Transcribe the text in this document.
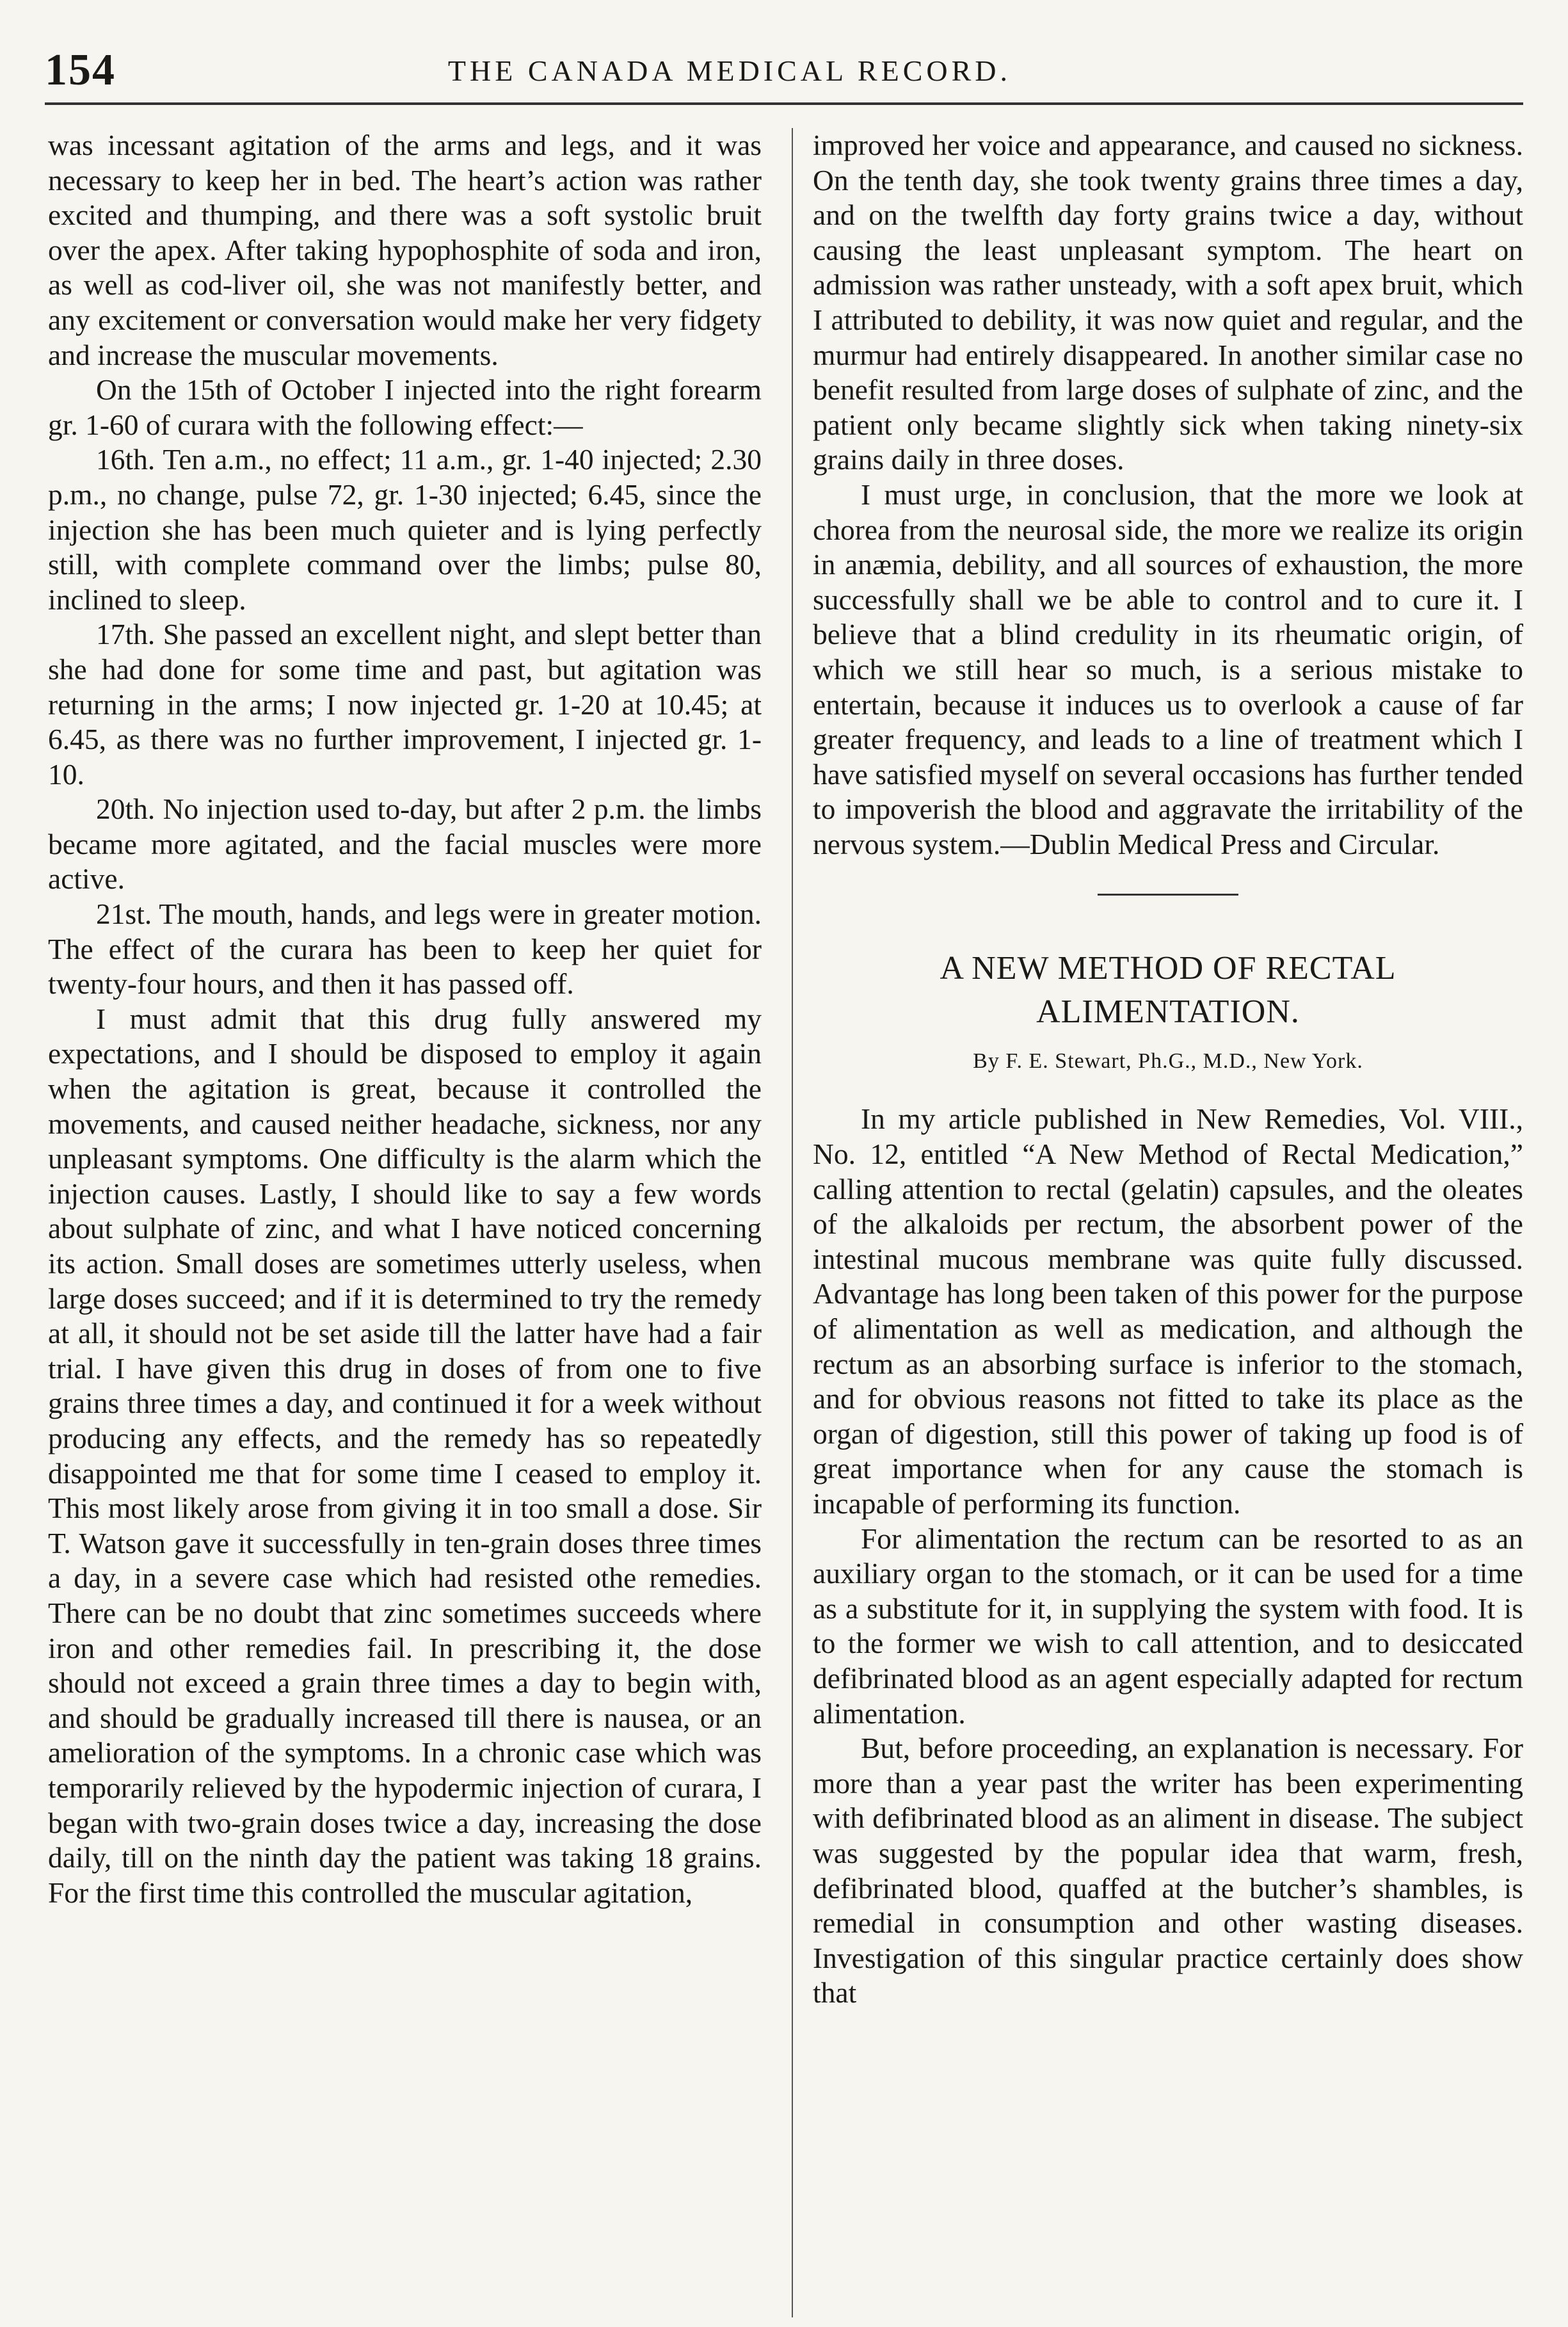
154	THE CANADA MEDICAL RECORD.

was incessant agitation of the arms and legs, and it was necessary to keep her in bed. The heart’s action was rather excited and thumping, and there was a soft systolic bruit over the apex. After taking hypophosphite of soda and iron, as well as cod-liver oil, she was not manifestly better, and any excitement or conversation would make her very fidgety and increase the muscular movements.

On the 15th of October I injected into the right forearm gr. 1-60 of curara with the following effect:—

16th. Ten a.m., no effect; 11 a.m., gr. 1-40 injected; 2.30 p.m., no change, pulse 72, gr. 1-30 injected; 6.45, since the injection she has been much quieter and is lying perfectly still, with complete command over the limbs; pulse 80, inclined to sleep.

17th. She passed an excellent night, and slept better than she had done for some time and past, but agitation was returning in the arms; I now injected gr. 1-20 at 10.45; at 6.45, as there was no further improvement, I injected gr. 1-10.

20th. No injection used to-day, but after 2 p.m. the limbs became more agitated, and the facial muscles were more active.

21st. The mouth, hands, and legs were in greater motion. The effect of the curara has been to keep her quiet for twenty-four hours, and then it has passed off.

I must admit that this drug fully answered my expectations, and I should be disposed to employ it again when the agitation is great, because it controlled the movements, and caused neither headache, sickness, nor any unpleasant symptoms. One difficulty is the alarm which the injection causes. Lastly, I should like to say a few words about sulphate of zinc, and what I have noticed concerning its action. Small doses are sometimes utterly useless, when large doses succeed; and if it is determined to try the remedy at all, it should not be set aside till the latter have had a fair trial. I have given this drug in doses of from one to five grains three times a day, and continued it for a week without producing any effects, and the remedy has so repeatedly disappointed me that for some time I ceased to employ it. This most likely arose from giving it in too small a dose. Sir T. Watson gave it successfully in ten-grain doses three times a day, in a severe case which had resisted othe remedies. There can be no doubt that zinc sometimes succeeds where iron and other remedies fail. In prescribing it, the dose should not exceed a grain three times a day to begin with, and should be gradually increased till there is nausea, or an amelioration of the symptoms. In a chronic case which was temporarily relieved by the hypodermic injection of curara, I began with two-grain doses twice a day, increasing the dose daily, till on the ninth day the patient was taking 18 grains. For the first time this controlled the muscular agitation,

improved her voice and appearance, and caused no sickness. On the tenth day, she took twenty grains three times a day, and on the twelfth day forty grains twice a day, without causing the least unpleasant symptom. The heart on admission was rather unsteady, with a soft apex bruit, which I attributed to debility, it was now quiet and regular, and the murmur had entirely disappeared. In another similar case no benefit resulted from large doses of sulphate of zinc, and the patient only became slightly sick when taking ninety-six grains daily in three doses.

I must urge, in conclusion, that the more we look at chorea from the neurosal side, the more we realize its origin in anæmia, debility, and all sources of exhaustion, the more successfully shall we be able to control and to cure it. I believe that a blind credulity in its rheumatic origin, of which we still hear so much, is a serious mistake to entertain, because it induces us to overlook a cause of far greater frequency, and leads to a line of treatment which I have satisfied myself on several occasions has further tended to impoverish the blood and aggravate the irritability of the nervous system.—Dublin Medical Press and Circular.

A NEW METHOD OF RECTAL ALIMENTATION.
By F. E. Stewart, Ph.G., M.D., New York.

In my article published in New Remedies, Vol. VIII., No. 12, entitled “A New Method of Rectal Medication,” calling attention to rectal (gelatin) capsules, and the oleates of the alkaloids per rectum, the absorbent power of the intestinal mucous membrane was quite fully discussed. Advantage has long been taken of this power for the purpose of alimentation as well as medication, and although the rectum as an absorbing surface is inferior to the stomach, and for obvious reasons not fitted to take its place as the organ of digestion, still this power of taking up food is of great importance when for any cause the stomach is incapable of performing its function.

For alimentation the rectum can be resorted to as an auxiliary organ to the stomach, or it can be used for a time as a substitute for it, in supplying the system with food. It is to the former we wish to call attention, and to desiccated defibrinated blood as an agent especially adapted for rectum alimentation.

But, before proceeding, an explanation is necessary. For more than a year past the writer has been experimenting with defibrinated blood as an aliment in disease. The subject was suggested by the popular idea that warm, fresh, defibrinated blood, quaffed at the butcher’s shambles, is remedial in consumption and other wasting diseases. Investigation of this singular practice certainly does show that
